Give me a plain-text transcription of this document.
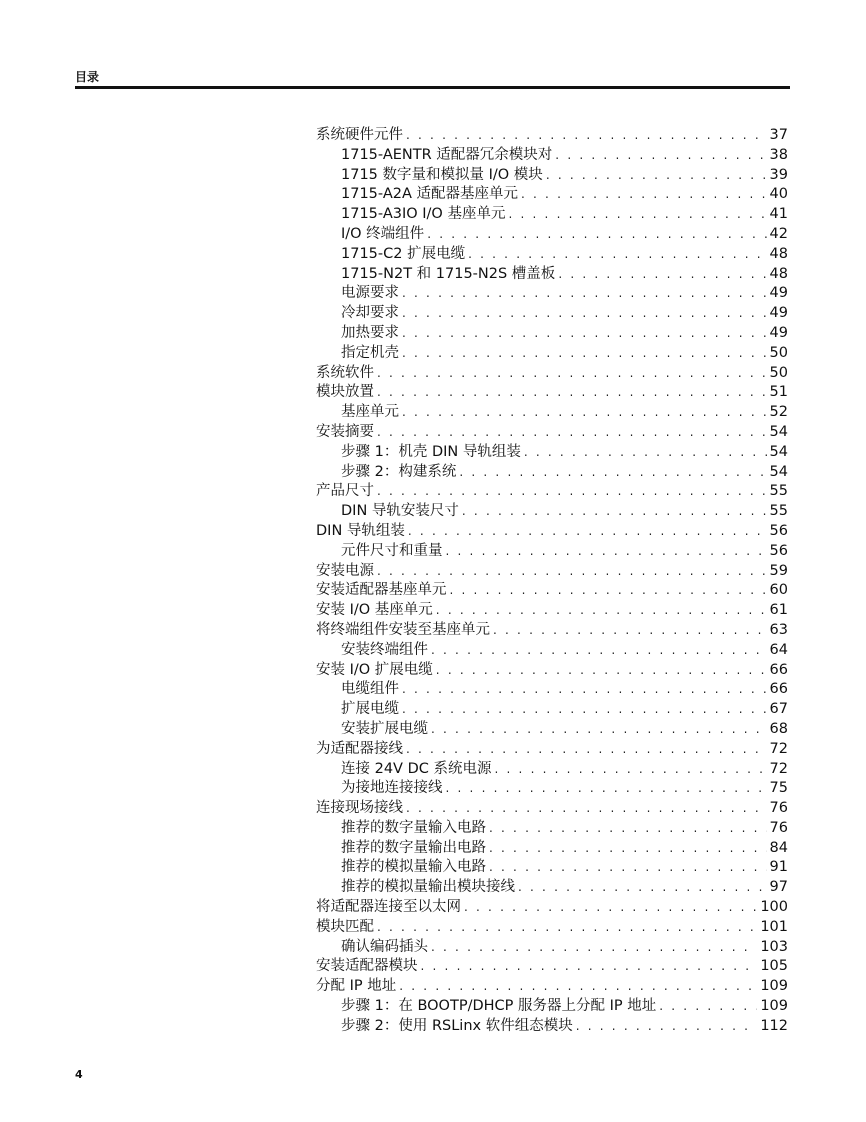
目录
系统硬件元件 . . .	37
1715-AENTR 适配器冗余模块对 . . .	38
1715 数字量和模拟量 I/O 模块 . . .	39
1715-A2A 适配器基座单元 . . .	40
1715-A3IO I/O 基座单元 . . .	41
I/O 终端组件 . . .	42
1715-C2 扩展电缆 . . .	48
1715-N2T 和 1715-N2S 槽盖板 . . .	48
电源要求 . . .	49
冷却要求 . . .	49
加热要求 . . .	49
指定机壳 . . .	50
系统软件 . . .	50
模块放置 . . .	51
基座单元 . . .	52
安装摘要 . . .	54
步骤 1：机壳 DIN 导轨组装 . . .	54
步骤 2：构建系统 . . .	54
产品尺寸 . . .	55
DIN 导轨安装尺寸 . . .	55
DIN 导轨组装 . . .	56
元件尺寸和重量 . . .	56
安装电源 . . .	59
安装适配器基座单元 . . .	60
安装 I/O 基座单元 . . .	61
将终端组件安装至基座单元 . . .	63
安装终端组件 . . .	64
安装 I/O 扩展电缆 . . .	66
电缆组件 . . .	66
扩展电缆 . . .	67
安装扩展电缆 . . .	68
为适配器接线 . . .	72
连接 24V DC 系统电源 . . .	72
为接地连接接线 . . .	75
连接现场接线 . . .	76
推荐的数字量输入电路 . . .	76
推荐的数字量输出电路 . . .	84
推荐的模拟量输入电路 . . .	91
推荐的模拟量输出模块接线 . . .	97
将适配器连接至以太网 . . .	100
模块匹配 . . .	101
确认编码插头 . . .	103
安装适配器模块 . . .	105
分配 IP 地址 . . .	109
步骤 1：在 BOOTP/DHCP 服务器上分配 IP 地址 . . .	109
步骤 2：使用 RSLinx 软件组态模块 . . .	112
4
